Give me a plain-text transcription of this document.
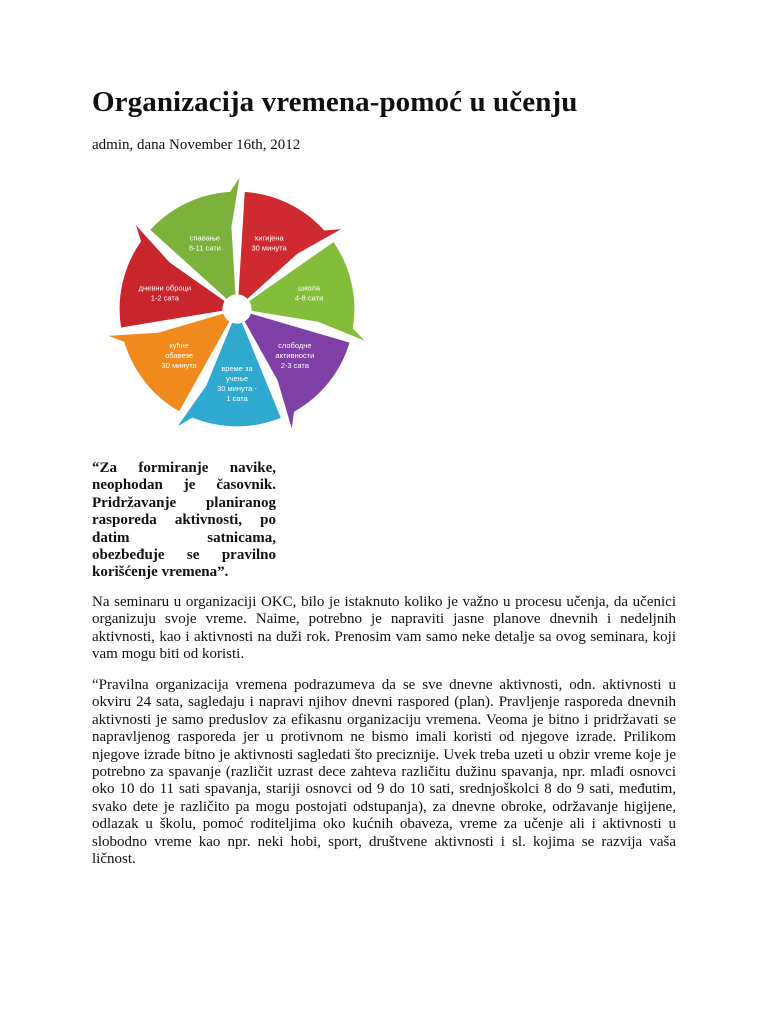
Organizacija vremena-pomoć u učenju
admin, dana November 16th, 2012
хигијена 30 минута
школа 4-8 сати
слободне активности 2-3 сата
време за учење 30 минута -1 сата
кућне обавезе 30 минута
дневни оброци 1-2 сата
спавање 8-11 сати

“Za formiranje navike, neophodan je časovnik. Pridržavanje planiranog rasporeda aktivnosti, po datim satnicama, obezbeđuje se pravilno korišćenje vremena”.

Na seminaru u organizaciji OKC, bilo je istaknuto koliko je važno u procesu učenja, da učenici organizuju svoje vreme. Naime, potrebno je napraviti jasne planove dnevnih i nedeljnih aktivnosti, kao i aktivnosti na duži rok. Prenosim vam samo neke detalje sa ovog seminara, koji vam mogu biti od koristi.

“Pravilna organizacija vremena podrazumeva da se sve dnevne aktivnosti, odn. aktivnosti u okviru 24 sata, sagledaju i napravi njihov dnevni raspored (plan). Pravljenje rasporeda dnevnih aktivnosti je samo preduslov za efikasnu organizaciju vremena. Veoma je bitno i pridržavati se napravljenog rasporeda jer u protivnom ne bismo imali koristi od njegove izrade. Prilikom njegove izrade bitno je aktivnosti sagledati što preciznije. Uvek treba uzeti u obzir vreme koje je potrebno za spavanje (različit uzrast dece zahteva različitu dužinu spavanja, npr. mlađi osnovci oko 10 do 11 sati spavanja, stariji osnovci od 9 do 10 sati, srednjoškolci 8 do 9 sati, međutim, svako dete je različito pa mogu postojati odstupanja), za dnevne obroke, održavanje higijene, odlazak u školu, pomoć roditeljima oko kućnih obaveza, vreme za učenje ali i aktivnosti u slobodno vreme kao npr. neki hobi, sport, društvene aktivnosti i sl. kojima se razvija vaša ličnost.
